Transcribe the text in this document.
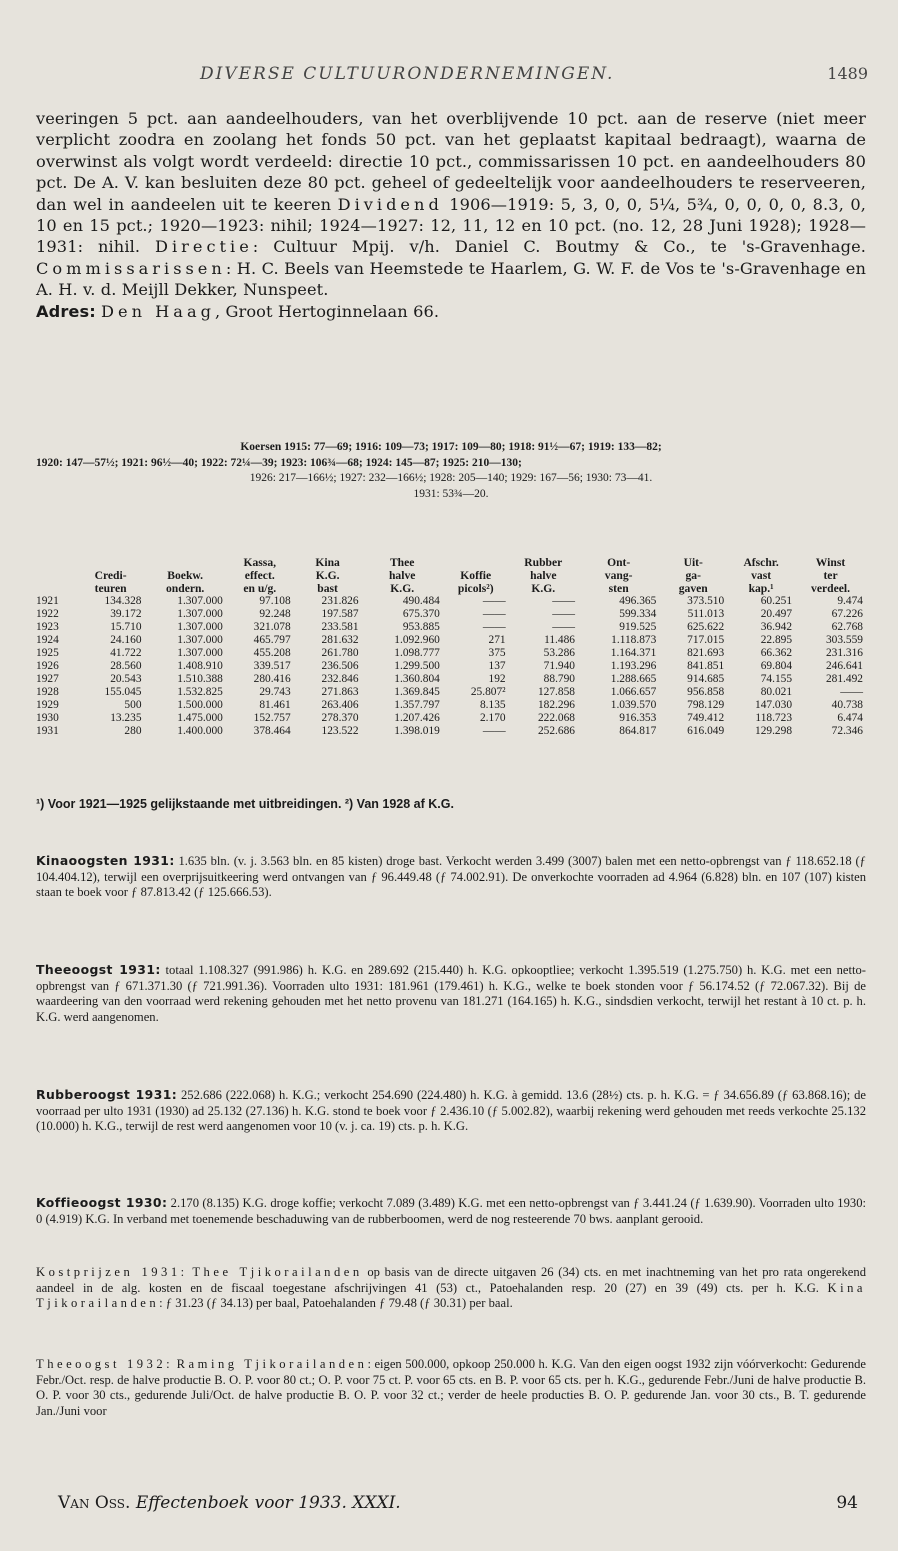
DIVERSE CULTUURONDERNEMINGEN.	1489

veeringen 5 pct. aan aandeelhouders, van het overblijvende 10 pct. aan de reserve (niet meer verplicht zoodra en zoolang het fonds 50 pct. van het geplaatst kapitaal bedraagt), waarna de overwinst als volgt wordt verdeeld: directie 10 pct., commissarissen 10 pct. en aandeelhouders 80 pct. De A. V. kan besluiten deze 80 pct. geheel of gedeeltelijk voor aandeelhouders te reserveeren, dan wel in aandeelen uit te keeren Dividend 1906—1919: 5, 3, 0, 0, 5¼, 5¾, 0, 0, 0, 0, 8.3, 0, 10 en 15 pct.; 1920—1923: nihil; 1924—1927: 12, 11, 12 en 10 pct. (no. 12, 28 Juni 1928); 1928—1931: nihil. Directie: Cultuur Mpij. v/h. Daniel C. Boutmy & Co., te 's-Gravenhage. Commissarissen: H. C. Beels van Heemstede te Haarlem, G. W. F. de Vos te 's-Gravenhage en A. H. v. d. Meijll Dekker, Nunspeet.

Adres: Den Haag, Groot Hertoginnelaan 66.

Koersen 1915: 77—69; 1916: 109—73; 1917: 109—80; 1918: 91½—67; 1919: 133—82;
1920: 147—57½; 1921: 96½—40; 1922: 72¼—39; 1923: 106¾—68; 1924: 145—87; 1925: 210—130;
1926: 217—166½; 1927: 232—166½; 1928: 205—140; 1929: 167—56; 1930: 73—41.
1931: 53¾—20.
			Kassa,	Kina	Thee		Rubber	Ont-	Uit-	Afschr.	Winst
	Credi-	Boekw.	effect.	K.G.	halve	Koffie	halve	vang-	ga-	vast	ter
	teuren	ondern.	en u/g.	bast	K.G.	picols²)	K.G.	sten	gaven	kap.¹	verdeel.
1921	134.328	1.307.000	97.108	231.826	490.484	——	——	496.365	373.510	60.251	9.474
1922	39.172	1.307.000	92.248	197.587	675.370	——	——	599.334	511.013	20.497	67.226
1923	15.710	1.307.000	321.078	233.581	953.885	——	——	919.525	625.622	36.942	62.768
1924	24.160	1.307.000	465.797	281.632	1.092.960	271	11.486	1.118.873	717.015	22.895	303.559
1925	41.722	1.307.000	455.208	261.780	1.098.777	375	53.286	1.164.371	821.693	66.362	231.316
1926	28.560	1.408.910	339.517	236.506	1.299.500	137	71.940	1.193.296	841.851	69.804	246.641
1927	20.543	1.510.388	280.416	232.846	1.360.804	192	88.790	1.288.665	914.685	74.155	281.492
1928	155.045	1.532.825	29.743	271.863	1.369.845	25.807²	127.858	1.066.657	956.858	80.021	——
1929	500	1.500.000	81.461	263.406	1.357.797	8.135	182.296	1.039.570	798.129	147.030	40.738
1930	13.235	1.475.000	152.757	278.370	1.207.426	2.170	222.068	916.353	749.412	118.723	6.474
1931	280	1.400.000	378.464	123.522	1.398.019	——	252.686	864.817	616.049	129.298	72.346
¹) Voor 1921—1925 gelijkstaande met uitbreidingen. ²) Van 1928 af K.G.

Kinaoogsten 1931: 1.635 bln. (v. j. 3.563 bln. en 85 kisten) droge bast. Verkocht werden 3.499 (3007) balen met een netto-opbrengst van ƒ 118.652.18 (ƒ 104.404.12), terwijl een overprijsuitkeering werd ontvangen van ƒ 96.449.48 (ƒ 74.002.91). De onverkochte voorraden ad 4.964 (6.828) bln. en 107 (107) kisten staan te boek voor ƒ 87.813.42 (ƒ 125.666.53).

Theeoogst 1931: totaal 1.108.327 (991.986) h. K.G. en 289.692 (215.440) h. K.G. opkooptliee; verkocht 1.395.519 (1.275.750) h. K.G. met een netto-opbrengst van ƒ 671.371.30 (ƒ 721.991.36). Voorraden ulto 1931: 181.961 (179.461) h. K.G., welke te boek stonden voor ƒ 56.174.52 (ƒ 72.067.32). Bij de waardeering van den voorraad werd rekening gehouden met het netto provenu van 181.271 (164.165) h. K.G., sindsdien verkocht, terwijl het restant à 10 ct. p. h. K.G. werd aangenomen.

Rubberoogst 1931: 252.686 (222.068) h. K.G.; verkocht 254.690 (224.480) h. K.G. à gemidd. 13.6 (28½) cts. p. h. K.G. = ƒ 34.656.89 (ƒ 63.868.16); de voorraad per ulto 1931 (1930) ad 25.132 (27.136) h. K.G. stond te boek voor ƒ 2.436.10 (ƒ 5.002.82), waarbij rekening werd gehouden met reeds verkochte 25.132 (10.000) h. K.G., terwijl de rest werd aangenomen voor 10 (v. j. ca. 19) cts. p. h. K.G.

Koffieoogst 1930: 2.170 (8.135) K.G. droge koffie; verkocht 7.089 (3.489) K.G. met een netto-opbrengst van ƒ 3.441.24 (ƒ 1.639.90). Voorraden ulto 1930: 0 (4.919) K.G. In verband met toenemende beschaduwing van de rubberboomen, werd de nog resteerende 70 bws. aanplant gerooid.

Kostprijzen 1931: Thee Tjikorailanden op basis van de directe uitgaven 26 (34) cts. en met inachtneming van het pro rata ongerekend aandeel in de alg. kosten en de fiscaal toegestane afschrijvingen 41 (53) ct., Patoehalanden resp. 20 (27) en 39 (49) cts. per h. K.G. Kina Tjikorailanden: ƒ 31.23 (ƒ 34.13) per baal, Patoehalanden ƒ 79.48 (ƒ 30.31) per baal.

Theeoogst 1932: Raming Tjikorailanden: eigen 500.000, opkoop 250.000 h. K.G. Van den eigen oogst 1932 zijn vóórverkocht: Gedurende Febr./Oct. resp. de halve productie B. O. P. voor 80 ct.; O. P. voor 75 ct. P. voor 65 cts. en B. P. voor 65 cts. per h. K.G., gedurende Febr./Juni de halve productie B. O. P. voor 30 cts., gedurende Juli/Oct. de halve productie B. O. P. voor 32 ct.; verder de heele producties B. O. P. gedurende Jan. voor 30 cts., B. T. gedurende Jan./Juni voor

Van Oss. Effectenboek voor 1933. XXXI.	94
